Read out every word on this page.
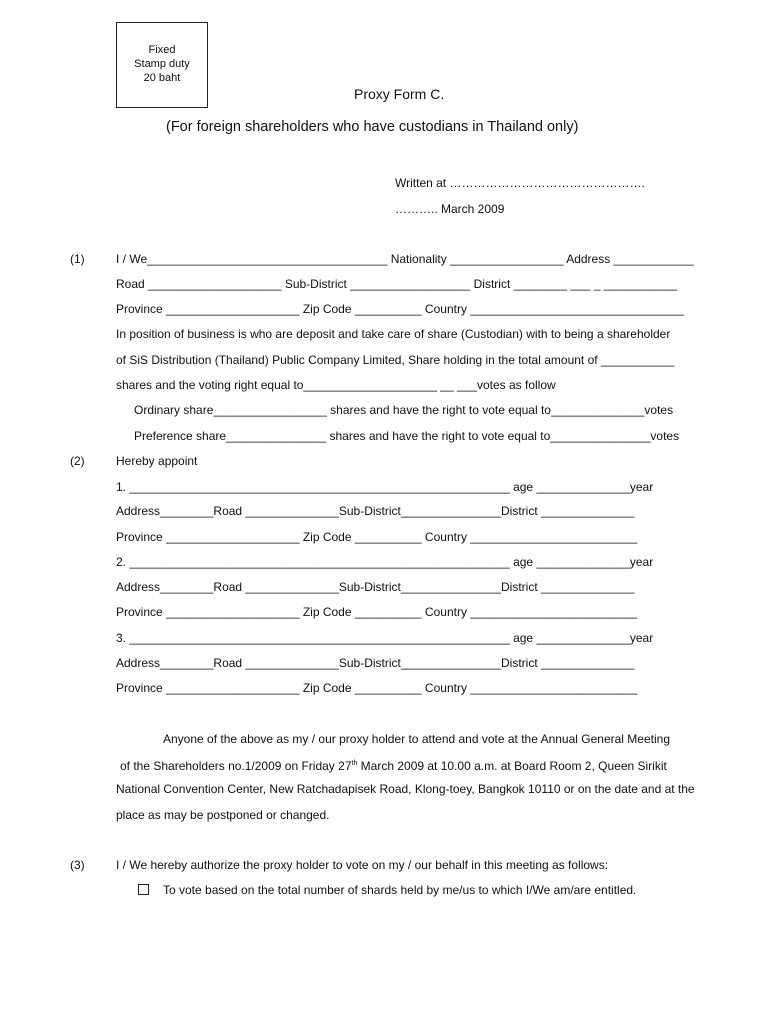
Fixed
Stamp duty
20 baht
Proxy Form C.
(For foreign shareholders who have custodians in Thailand only)
Written at ………………………………………….
……….. March 2009
(1)	I / We____________________________________ Nationality _________________ Address ____________
Road ____________________ Sub-District __________________ District ________ ___ _ ___________
Province ____________________ Zip Code __________ Country ________________________________
In position of business is who are deposit and take care of share (Custodian) with to being a shareholder
of SiS Distribution (Thailand) Public Company Limited, Share holding in the total amount of ___________
shares and the voting right equal to____________________ __ ___votes as follow
Ordinary share_________________ shares and have the right to vote equal to______________votes
Preference share_______________ shares and have the right to vote equal to_______________votes
(2)	Hereby appoint
1. _________________________________________________________ age ______________year
Address________Road ______________Sub-District_______________District ______________
Province ____________________ Zip Code __________ Country _________________________
2. _________________________________________________________ age ______________year
Address________Road ______________Sub-District_______________District ______________
Province ____________________ Zip Code __________ Country _________________________
3. _________________________________________________________ age ______________year
Address________Road ______________Sub-District_______________District ______________
Province ____________________ Zip Code __________ Country _________________________
Anyone of the above as my / our proxy holder to attend and vote at the Annual General Meeting
of the Shareholders no.1/2009 on Friday 27th March 2009 at 10.00 a.m. at Board Room 2, Queen Sirikit
National Convention Center, New Ratchadapisek Road, Klong-toey, Bangkok 10110 or on the date and at the
place as may be postponed or changed.
(3)	I / We hereby authorize the proxy holder to vote on my / our behalf in this meeting as follows:
To vote based on the total number of shards held by me/us to which I/We am/are entitled.
